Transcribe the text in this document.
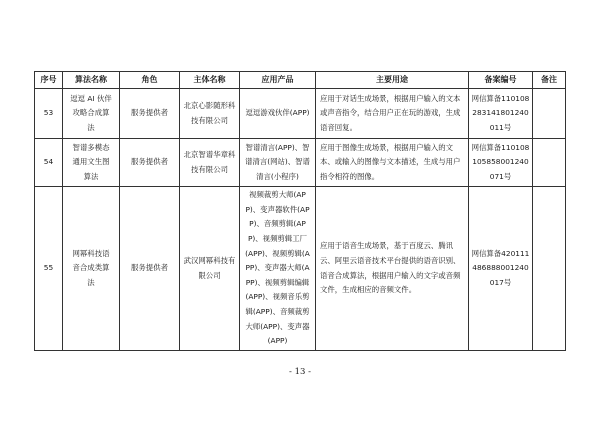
序号	算法名称	角色	主体名称	应用产品	主要用途	备案编号	备注
53	逗逗 AI 伙伴攻略合成算法	服务提供者	北京心影随形科技有限公司	逗逗游戏伙伴(APP)	应用于对话生成场景，根据用户输入的文本或声音指令，结合用户正在玩的游戏，生成语音回复。	网信算备110108283141801240011号	
54	智谱多模态通用文生图算法	服务提供者	北京智谱华章科技有限公司	智谱清言(APP)、智谱清言(网站)、智谱清言(小程序)	应用于图像生成场景，根据用户输入的文本、或输入的图像与文本描述，生成与用户指令相符的图像。	网信算备110108105858001240071号	
55	网幂科技语音合成类算法	服务提供者	武汉网幂科技有限公司	视频裁剪大师(APP)、变声器软件(APP)、音频剪辑(APP)、视频剪辑工厂(APP)、视频剪辑(APP)、变声器大师(APP)、视频剪辑编辑(APP)、视频音乐剪辑(APP)、音频裁剪大师(APP)、变声器(APP)	应用于语音生成场景，基于百度云、腾讯云、阿里云语音技术平台提供的语音识别、语音合成算法，根据用户输入的文字或音频文件，生成相应的音频文件。	网信算备420111486888001240017号	
- 13 -
